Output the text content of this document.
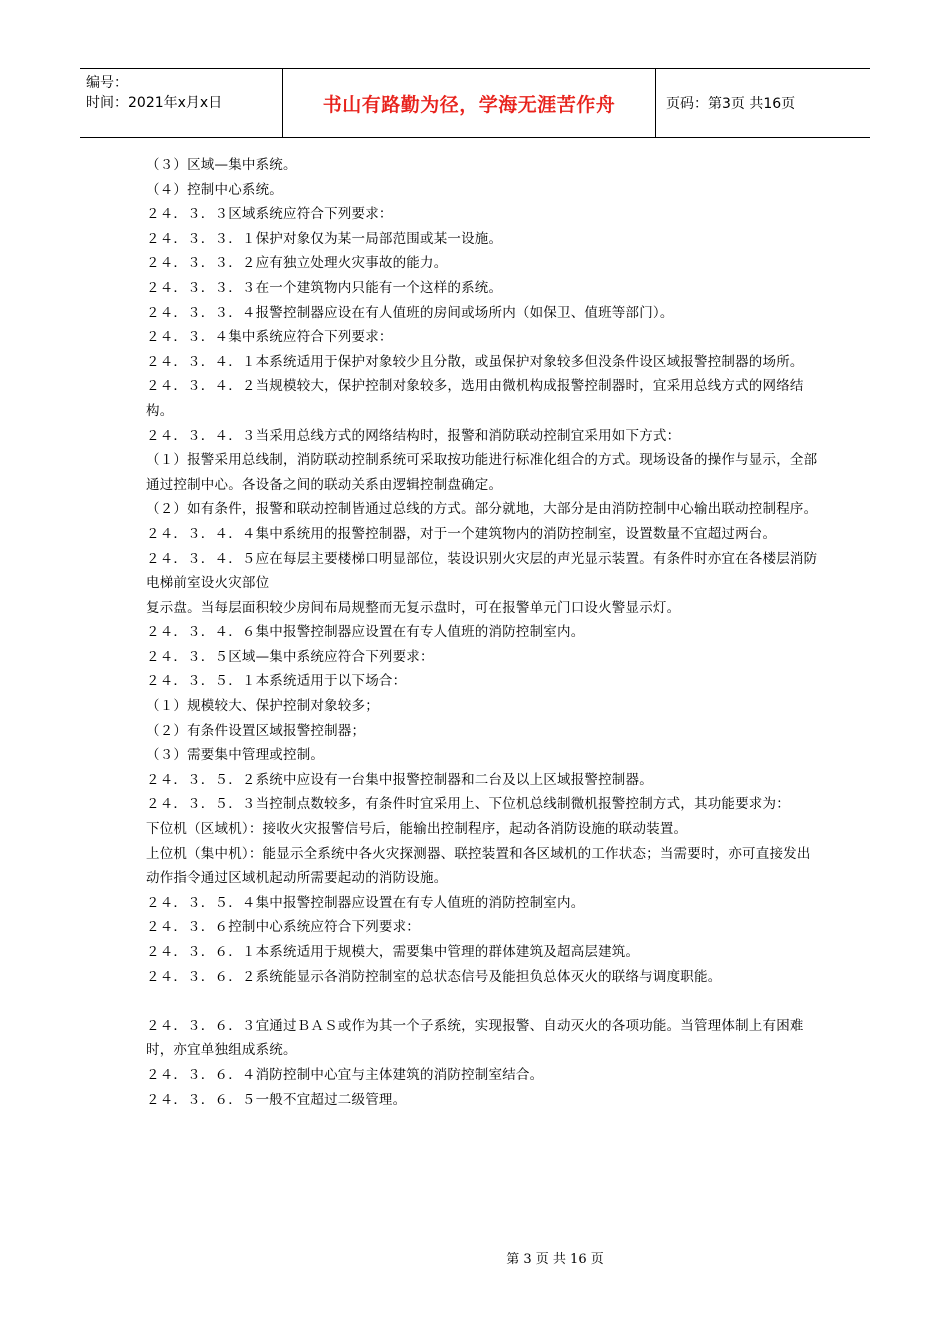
编号：
时间：2021年x月x日	书山有路勤为径，学海无涯苦作舟	页码：第3页 共16页

（３）区域—集中系统。

（４）控制中心系统。

２４．３．３区域系统应符合下列要求：

２４．３．３．１保护对象仅为某一局部范围或某一设施。

２４．３．３．２应有独立处理火灾事故的能力。

２４．３．３．３在一个建筑物内只能有一个这样的系统。

２４．３．３．４报警控制器应设在有人值班的房间或场所内（如保卫、值班等部门）。

２４．３．４集中系统应符合下列要求：

２４．３．４．１本系统适用于保护对象较少且分散，或虽保护对象较多但没条件设区域报警控制器的场所。

２４．３．４．２当规模较大，保护控制对象较多，选用由微机构成报警控制器时，宜采用总线方式的网络结构。

２４．３．４．３当采用总线方式的网络结构时，报警和消防联动控制宜采用如下方式：

（１）报警采用总线制，消防联动控制系统可采取按功能进行标准化组合的方式。现场设备的操作与显示，全部通过控制中心。各设备之间的联动关系由逻辑控制盘确定。

（２）如有条件，报警和联动控制皆通过总线的方式。部分就地，大部分是由消防控制中心输出联动控制程序。

２４．３．４．４集中系统用的报警控制器，对于一个建筑物内的消防控制室，设置数量不宜超过两台。

２４．３．４．５应在每层主要楼梯口明显部位，装设识别火灾层的声光显示装置。有条件时亦宜在各楼层消防电梯前室设火灾部位

复示盘。当每层面积较少房间布局规整而无复示盘时，可在报警单元门口设火警显示灯。

２４．３．４．６集中报警控制器应设置在有专人值班的消防控制室内。

２４．３．５区域—集中系统应符合下列要求：

２４．３．５．１本系统适用于以下场合：

（１）规模较大、保护控制对象较多；

（２）有条件设置区域报警控制器；

（３）需要集中管理或控制。

２４．３．５．２系统中应设有一台集中报警控制器和二台及以上区域报警控制器。

２４．３．５．３当控制点数较多，有条件时宜采用上、下位机总线制微机报警控制方式，其功能要求为：

下位机（区域机）：接收火灾报警信号后，能输出控制程序，起动各消防设施的联动装置。

上位机（集中机）：能显示全系统中各火灾探测器、联控装置和各区域机的工作状态；当需要时，亦可直接发出动作指令通过区域机起动所需要起动的消防设施。

２４．３．５．４集中报警控制器应设置在有专人值班的消防控制室内。

２４．３．６控制中心系统应符合下列要求：

２４．３．６．１本系统适用于规模大，需要集中管理的群体建筑及超高层建筑。

２４．３．６．２系统能显示各消防控制室的总状态信号及能担负总体灭火的联络与调度职能。

２４．３．６．３宜通过ＢＡＳ或作为其一个子系统，实现报警、自动灭火的各项功能。当管理体制上有困难时，亦宜单独组成系统。

２４．３．６．４消防控制中心宜与主体建筑的消防控制室结合。

２４．３．６．５一般不宜超过二级管理。

第 3 页 共 16 页
